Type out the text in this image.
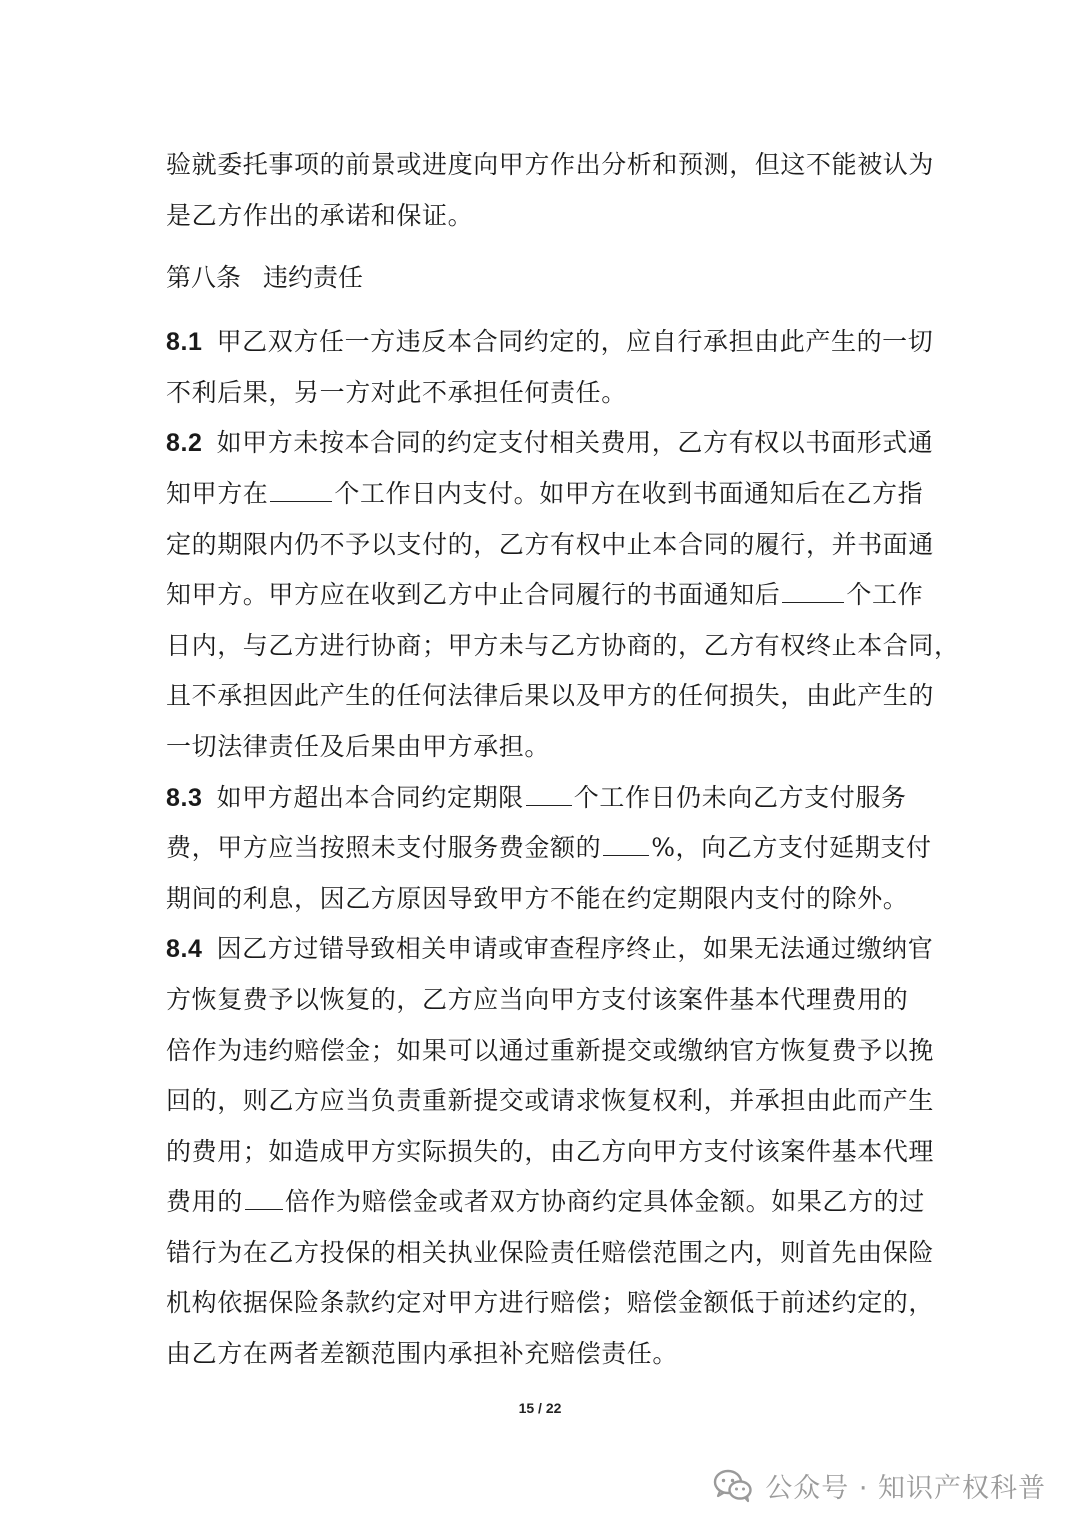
验就委托事项的前景或进度向甲方作出分析和预测，但这不能被认为
是乙方作出的承诺和保证。
第八条 违约责任
8.1 甲乙双方任一方违反本合同约定的，应自行承担由此产生的一切
不利后果，另一方对此不承担任何责任。
8.2 如甲方未按本合同的约定支付相关费用，乙方有权以书面形式通
知甲方在	个工作日内支付。如甲方在收到书面通知后在乙方指
定的期限内仍不予以支付的，乙方有权中止本合同的履行，并书面通
知甲方。甲方应在收到乙方中止合同履行的书面通知后	个工作
日内，与乙方进行协商；甲方未与乙方协商的，乙方有权终止本合同，
且不承担因此产生的任何法律后果以及甲方的任何损失，由此产生的
一切法律责任及后果由甲方承担。
8.3 如甲方超出本合同约定期限 个工作日仍未向乙方支付服务
费，甲方应当按照未支付服务费金额的 %，向乙方支付延期支付
期间的利息，因乙方原因导致甲方不能在约定期限内支付的除外。
8.4 因乙方过错导致相关申请或审查程序终止，如果无法通过缴纳官
方恢复费予以恢复的，乙方应当向甲方支付该案件基本代理费用的
倍作为违约赔偿金；如果可以通过重新提交或缴纳官方恢复费予以挽
回的，则乙方应当负责重新提交或请求恢复权利，并承担由此而产生
的费用；如造成甲方实际损失的，由乙方向甲方支付该案件基本代理
费用的 倍作为赔偿金或者双方协商约定具体金额。如果乙方的过
错行为在乙方投保的相关执业保险责任赔偿范围之内，则首先由保险
机构依据保险条款约定对甲方进行赔偿；赔偿金额低于前述约定的，
由乙方在两者差额范围内承担补充赔偿责任。
15 / 22
公众号 · 知识产权科普
